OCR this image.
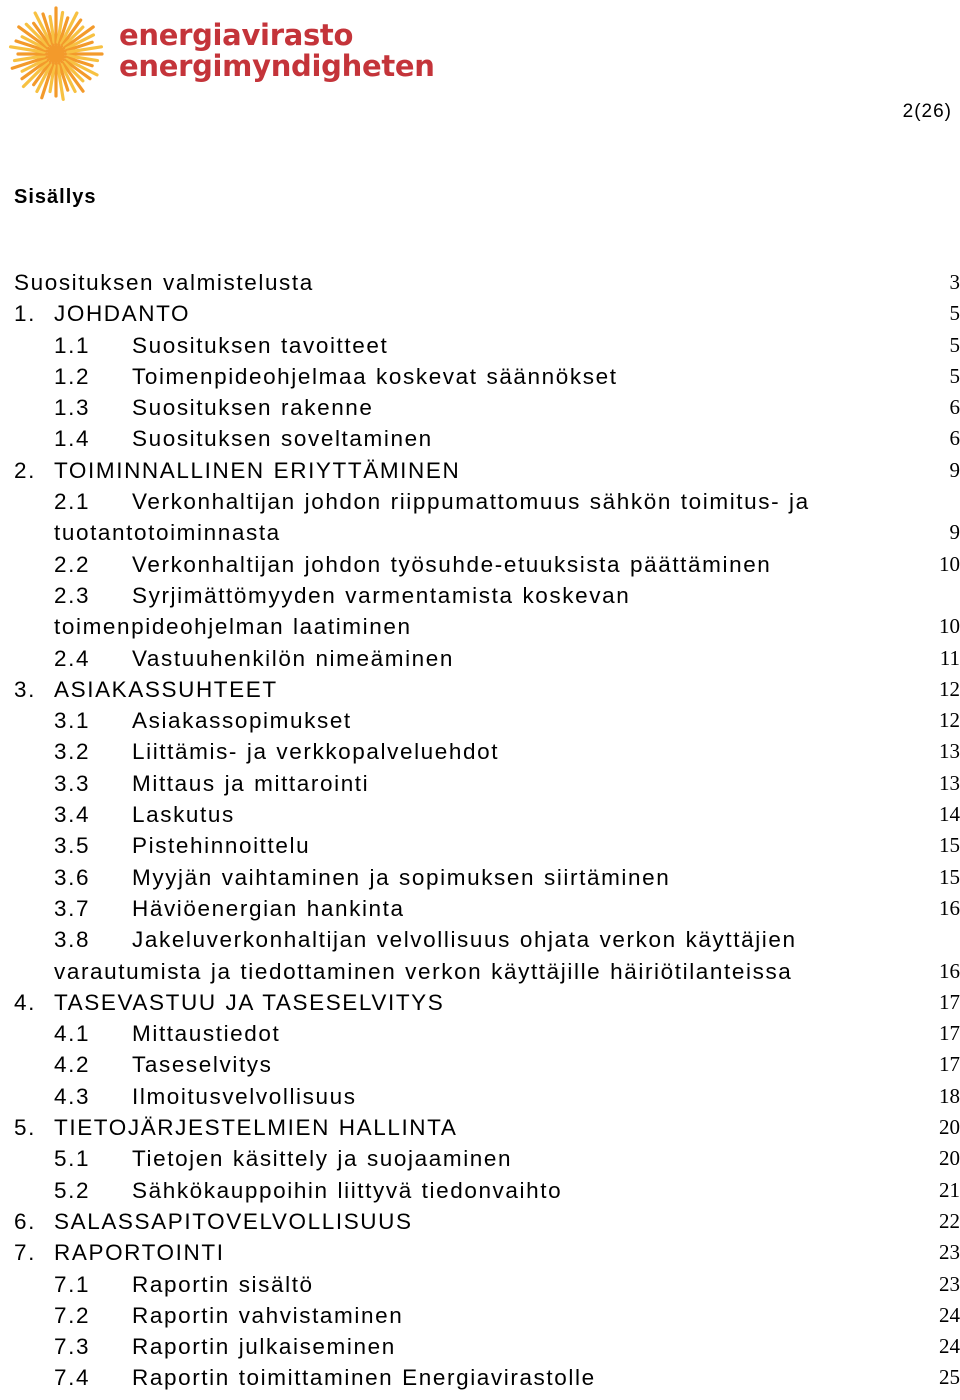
energiavirasto
energimyndigheten
2(26)
Sisällys
Suosituksen valmistelusta	3
1. JOHDANTO	5
1.1 Suosituksen tavoitteet	5
1.2 Toimenpideohjelmaa koskevat säännökset	5
1.3 Suosituksen rakenne	6
1.4 Suosituksen soveltaminen	6
2. TOIMINNALLINEN ERIYTTÄMINEN	9
2.1 Verkonhaltijan johdon riippumattomuus sähkön toimitus- ja
tuotantotoiminnasta	9
2.2 Verkonhaltijan johdon työsuhde-etuuksista päättäminen	10
2.3 Syrjimättömyyden varmentamista koskevan
toimenpideohjelman laatiminen	10
2.4 Vastuuhenkilön nimeäminen	11
3. ASIAKASSUHTEET	12
3.1 Asiakassopimukset	12
3.2 Liittämis- ja verkkopalveluehdot	13
3.3 Mittaus ja mittarointi	13
3.4 Laskutus	14
3.5 Pistehinnoittelu	15
3.6 Myyjän vaihtaminen ja sopimuksen siirtäminen	15
3.7 Häviöenergian hankinta	16
3.8 Jakeluverkonhaltijan velvollisuus ohjata verkon käyttäjien
varautumista ja tiedottaminen verkon käyttäjille häiriötilanteissa	16
4. TASEVASTUU JA TASESELVITYS	17
4.1 Mittaustiedot	17
4.2 Taseselvitys	17
4.3 Ilmoitusvelvollisuus	18
5. TIETOJÄRJESTELMIEN HALLINTA	20
5.1 Tietojen käsittely ja suojaaminen	20
5.2 Sähkökauppoihin liittyvä tiedonvaihto	21
6. SALASSAPITOVELVOLLISUUS	22
7. RAPORTOINTI	23
7.1 Raportin sisältö	23
7.2 Raportin vahvistaminen	24
7.3 Raportin julkaiseminen	24
7.4 Raportin toimittaminen Energiavirastolle	25
